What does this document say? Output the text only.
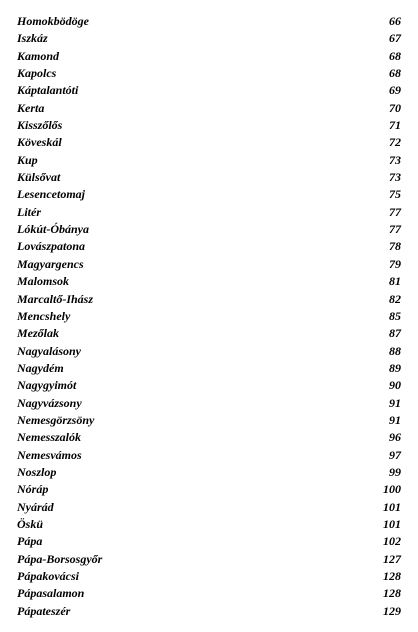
Homokbödöge	66
Iszkáz	67
Kamond	68
Kapolcs	68
Káptalantóti	69
Kerta	70
Kisszőlős	71
Köveskál	72
Kup	73
Külsővat	73
Lesencetomaj	75
Litér	77
Lókút-Óbánya	77
Lovászpatona	78
Magyargencs	79
Malomsok	81
Marcaltő-Ihász	82
Mencshely	85
Mezőlak	87
Nagyalásony	88
Nagydém	89
Nagygyimót	90
Nagyvázsony	91
Nemesgörzsöny	91
Nemesszalók	96
Nemesvámos	97
Noszlop	99
Nóráp	100
Nyárád	101
Öskü	101
Pápa	102
Pápa-Borsosgyőr	127
Pápakovácsi	128
Pápasalamon	128
Pápateszér	129
